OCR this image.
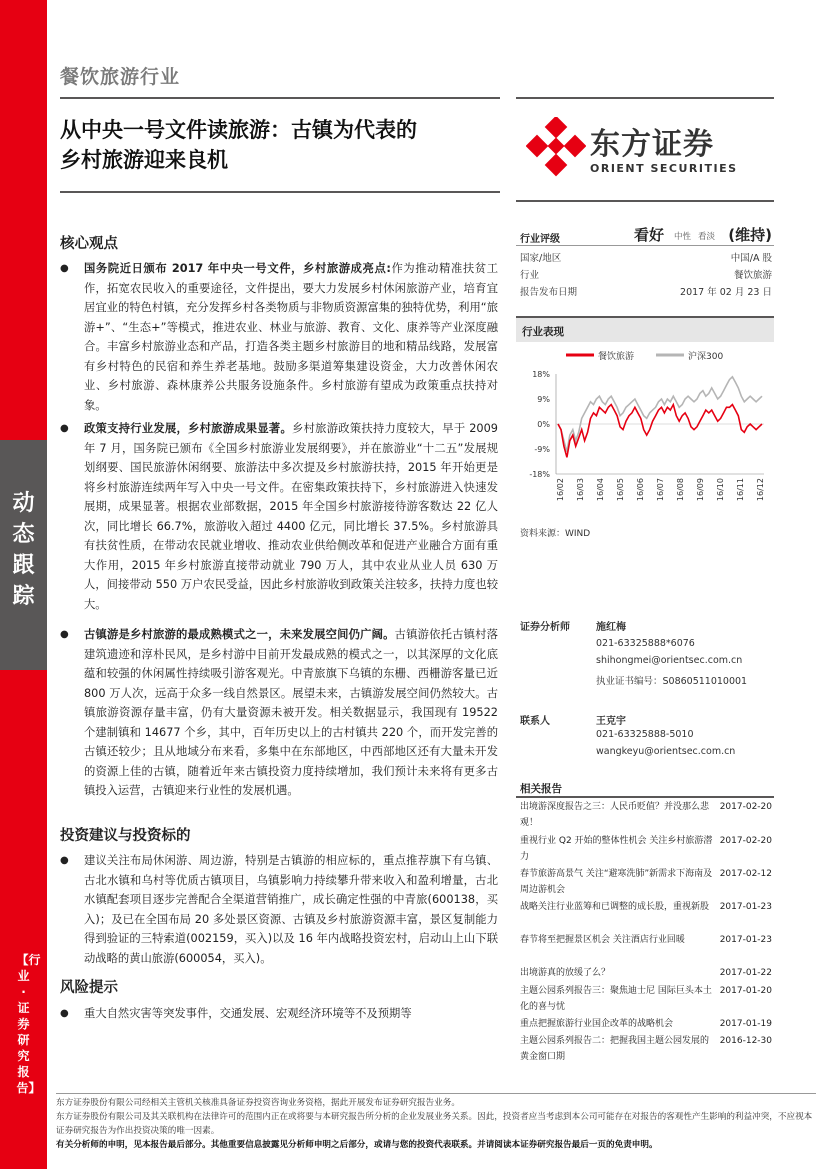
动态跟踪
【行业·证券研究报告】
餐饮旅游行业
从中央一号文件读旅游：古镇为代表的
乡村旅游迎来良机	东方证券
ORIENT SECURITIES
核心观点
● 国务院近日颁布 2017 年中央一号文件，乡村旅游成亮点:作为推动精准扶贫工作，拓宽农民收入的重要途径，文件提出，要大力发展乡村休闲旅游产业，培育宜居宜业的特色村镇，充分发挥乡村各类物质与非物质资源富集的独特优势，利用“旅游+”、“生态+”等模式，推进农业、林业与旅游、教育、文化、康养等产业深度融合。丰富乡村旅游业态和产品，打造各类主题乡村旅游目的地和精品线路，发展富有乡村特色的民宿和养生养老基地。鼓励多渠道筹集建设资金，大力改善休闲农业、乡村旅游、森林康养公共服务设施条件。乡村旅游有望成为政策重点扶持对象。
● 政策支持行业发展，乡村旅游成果显著。乡村旅游政策扶持力度较大，早于 2009 年 7 月，国务院已颁布《全国乡村旅游业发展纲要》，并在旅游业“十二五”发展规划纲要、国民旅游休闲纲要、旅游法中多次提及乡村旅游扶持，2015 年开始更是将乡村旅游连续两年写入中央一号文件。在密集政策扶持下，乡村旅游进入快速发展期，成果显著。根据农业部数据，2015 年全国乡村旅游接待游客数达 22 亿人次，同比增长 66.7%，旅游收入超过 4400 亿元，同比增长 37.5%。乡村旅游具有扶贫性质，在带动农民就业增收、推动农业供给侧改革和促进产业融合方面有重大作用，2015 年乡村旅游直接带动就业 790 万人，其中农业从业人员 630 万人，间接带动 550 万户农民受益，因此乡村旅游收到政策关注较多，扶持力度也较大。
● 古镇游是乡村旅游的最成熟模式之一，未来发展空间仍广阔。古镇游依托古镇村落建筑遗迹和淳朴民风，是乡村游中目前开发最成熟的模式之一，以其深厚的文化底蕴和较强的休闲属性持续吸引游客观光。中青旅旗下乌镇的东栅、西栅游客量已近 800 万人次，远高于众多一线自然景区。展望未来，古镇游发展空间仍然较大。古镇旅游资源存量丰富，仍有大量资源未被开发。相关数据显示，我国现有 19522 个建制镇和 14677 个乡，其中，百年历史以上的古村镇共 220 个，而开发完善的古镇还较少；且从地域分布来看，多集中在东部地区，中西部地区还有大量未开发的资源上佳的古镇，随着近年来古镇投资力度持续增加，我们预计未来将有更多古镇投入运营，古镇迎来行业性的发展机遇。
投资建议与投资标的
● 建议关注布局休闲游、周边游，特别是古镇游的相应标的，重点推荐旗下有乌镇、古北水镇和乌村等优质古镇项目，乌镇影响力持续攀升带来收入和盈利增量，古北水镇配套项目逐步完善配合全渠道营销推广，成长确定性强的中青旅(600138，买入)；及已在全国布局 20 多处景区资源、古镇及乡村旅游资源丰富，景区复制能力得到验证的三特索道(002159，买入)以及 16 年内战略投资宏村，启动山上山下联动战略的黄山旅游(600054，买入)。
风险提示
● 重大自然灾害等突发事件，交通发展、宏观经济环境等不及预期等
行业评级	看好 中性 看淡 (维持)
国家/地区	中国/A 股
行业	餐饮旅游
报告发布日期	2017 年 02 月 23 日
行业表现
餐饮旅游	沪深300
18%
9%
0%
-9%
-18%
16/02 16/03 16/04 16/05 16/06 16/07 16/08 16/09 16/10 16/11 16/12
资料来源：WIND
证券分析师	施红梅
021-63325888*6076
shihongmei@orientsec.com.cn
执业证书编号：S0860511010001
联系人	王克宇
021-63325888-5010
wangkeyu@orientsec.com.cn
相关报告
出境游深度报告之三：人民币贬值？并没那么悲观！
2017-02-20
重视行业 Q2 开始的整体性机会 关注乡村旅游潜力
2017-02-20
春节旅游高景气 关注“避寒洗肺”新需求下海南及周边游机会
2017-02-12
战略关注行业蓝筹和已调整的成长股，重视新股	2017-01-23
春节将至把握景区机会 关注酒店行业回暖	2017-01-23
出境游真的放缓了么？	2017-01-22
主题公园系列报告三：聚焦迪士尼 国际巨头本土化的喜与忧
2017-01-20
重点把握旅游行业国企改革的战略机会	2017-01-19
主题公园系列报告二：把握我国主题公园发展的黄金窗口期
2016-12-30
东方证券股份有限公司经相关主管机关核准具备证券投资咨询业务资格，据此开展发布证券研究报告业务。
东方证券股份有限公司及其关联机构在法律许可的范围内正在或将要与本研究报告所分析的企业发展业务关系。因此，投资者应当考虑到本公司可能存在对报告的客观性产生影响的利益冲突，不应视本证券研究报告为作出投资决策的唯一因素。
有关分析师的申明，见本报告最后部分。其他重要信息披露见分析师申明之后部分，或请与您的投资代表联系。并请阅读本证券研究报告最后一页的免责申明。
